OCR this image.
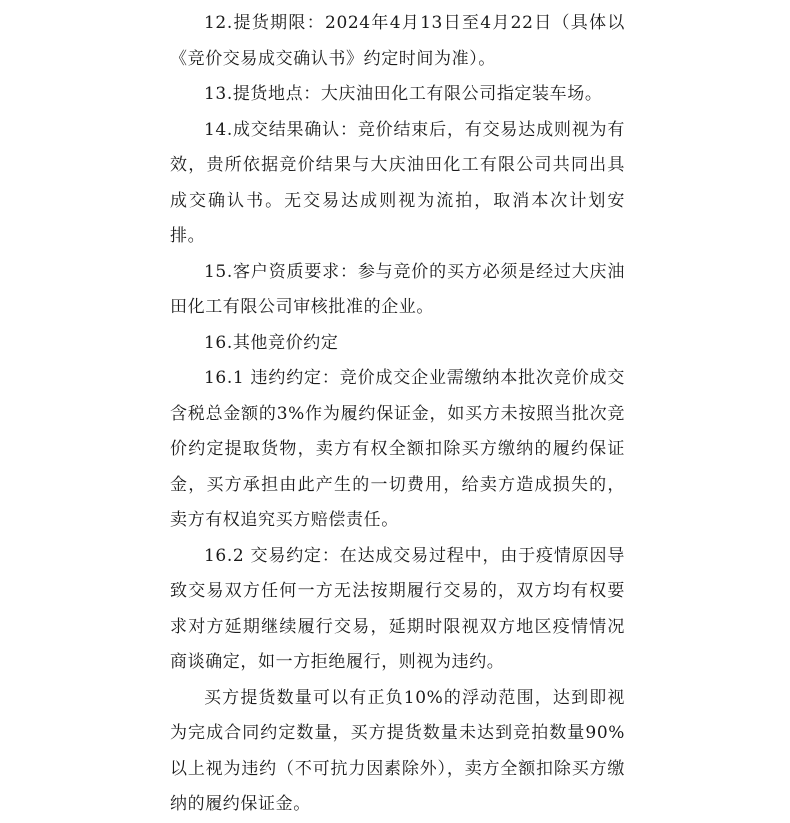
12.提货期限：2024年4月13日至4月22日（具体以《竞价交易成交确认书》约定时间为准）。

13.提货地点：大庆油田化工有限公司指定装车场。

14.成交结果确认：竞价结束后，有交易达成则视为有效，贵所依据竞价结果与大庆油田化工有限公司共同出具成交确认书。无交易达成则视为流拍，取消本次计划安排。

15.客户资质要求：参与竞价的买方必须是经过大庆油田化工有限公司审核批准的企业。

16.其他竞价约定

16.1 违约约定：竞价成交企业需缴纳本批次竞价成交含税总金额的3%作为履约保证金，如买方未按照当批次竞价约定提取货物，卖方有权全额扣除买方缴纳的履约保证金，买方承担由此产生的一切费用，给卖方造成损失的，卖方有权追究买方赔偿责任。

16.2 交易约定：在达成交易过程中，由于疫情原因导致交易双方任何一方无法按期履行交易的，双方均有权要求对方延期继续履行交易，延期时限视双方地区疫情情况商谈确定，如一方拒绝履行，则视为违约。

买方提货数量可以有正负10%的浮动范围，达到即视为完成合同约定数量，买方提货数量未达到竞拍数量90%以上视为违约（不可抗力因素除外），卖方全额扣除买方缴纳的履约保证金。
